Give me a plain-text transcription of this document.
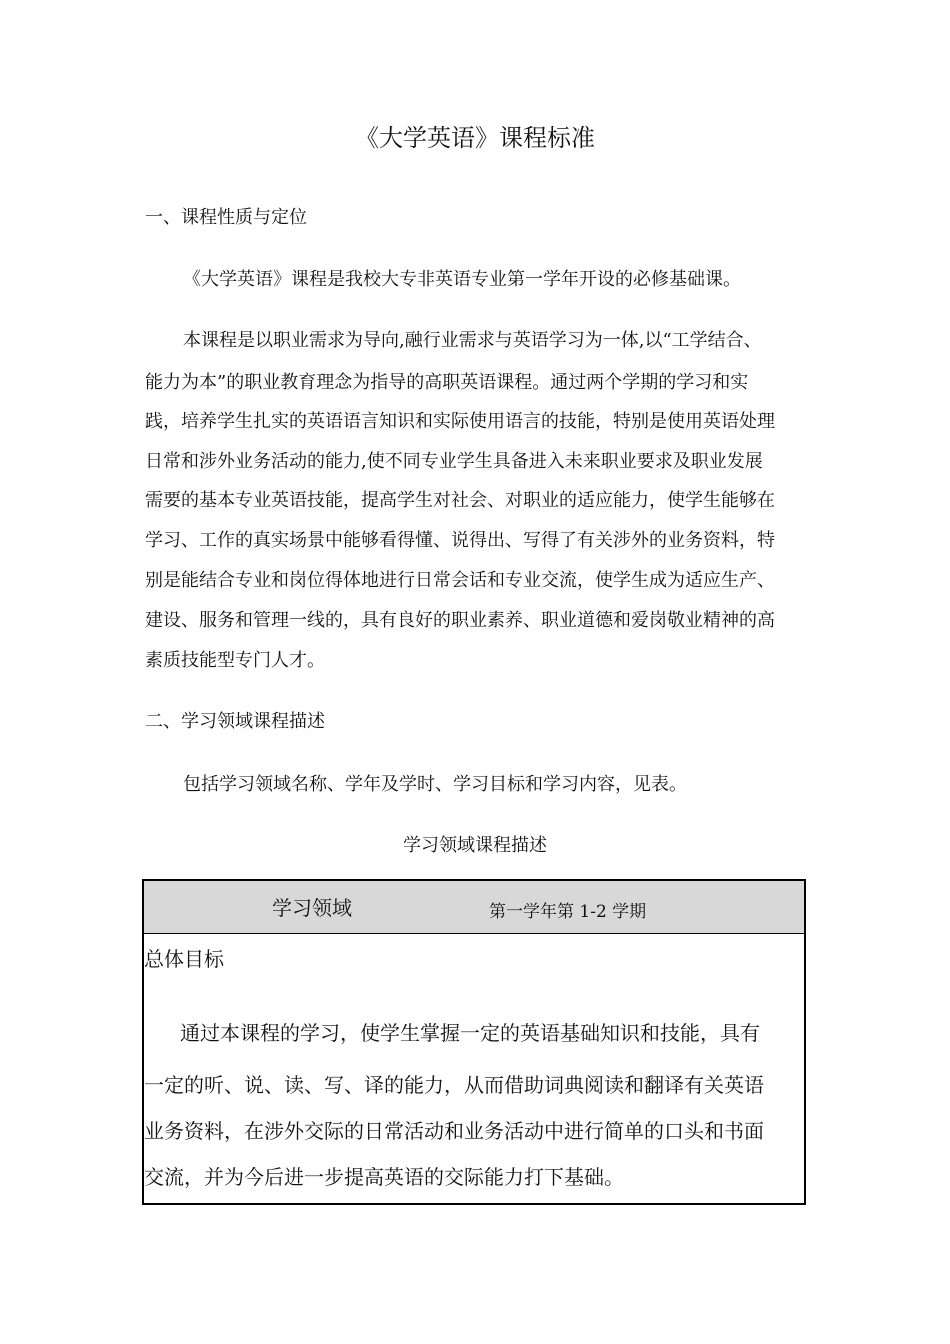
《大学英语》课程标准
一、课程性质与定位
《大学英语》课程是我校大专非英语专业第一学年开设的必修基础课。
本课程是以职业需求为导向,融行业需求与英语学习为一体,以“工学结合、
能力为本”的职业教育理念为指导的高职英语课程。通过两个学期的学习和实
践，培养学生扎实的英语语言知识和实际使用语言的技能，特别是使用英语处理
日常和涉外业务活动的能力,使不同专业学生具备进入未来职业要求及职业发展
需要的基本专业英语技能，提高学生对社会、对职业的适应能力，使学生能够在
学习、工作的真实场景中能够看得懂、说得出、写得了有关涉外的业务资料，特
别是能结合专业和岗位得体地进行日常会话和专业交流，使学生成为适应生产、
建设、服务和管理一线的，具有良好的职业素养、职业道德和爱岗敬业精神的高
素质技能型专门人才。
二、学习领域课程描述
包括学习领域名称、学年及学时、学习目标和学习内容，见表。
学习领域课程描述
学习领域	第一学年第 1-2 学期
总体目标
通过本课程的学习，使学生掌握一定的英语基础知识和技能，具有
一定的听、说、读、写、译的能力，从而借助词典阅读和翻译有关英语
业务资料，在涉外交际的日常活动和业务活动中进行简单的口头和书面
交流，并为今后进一步提高英语的交际能力打下基础。
